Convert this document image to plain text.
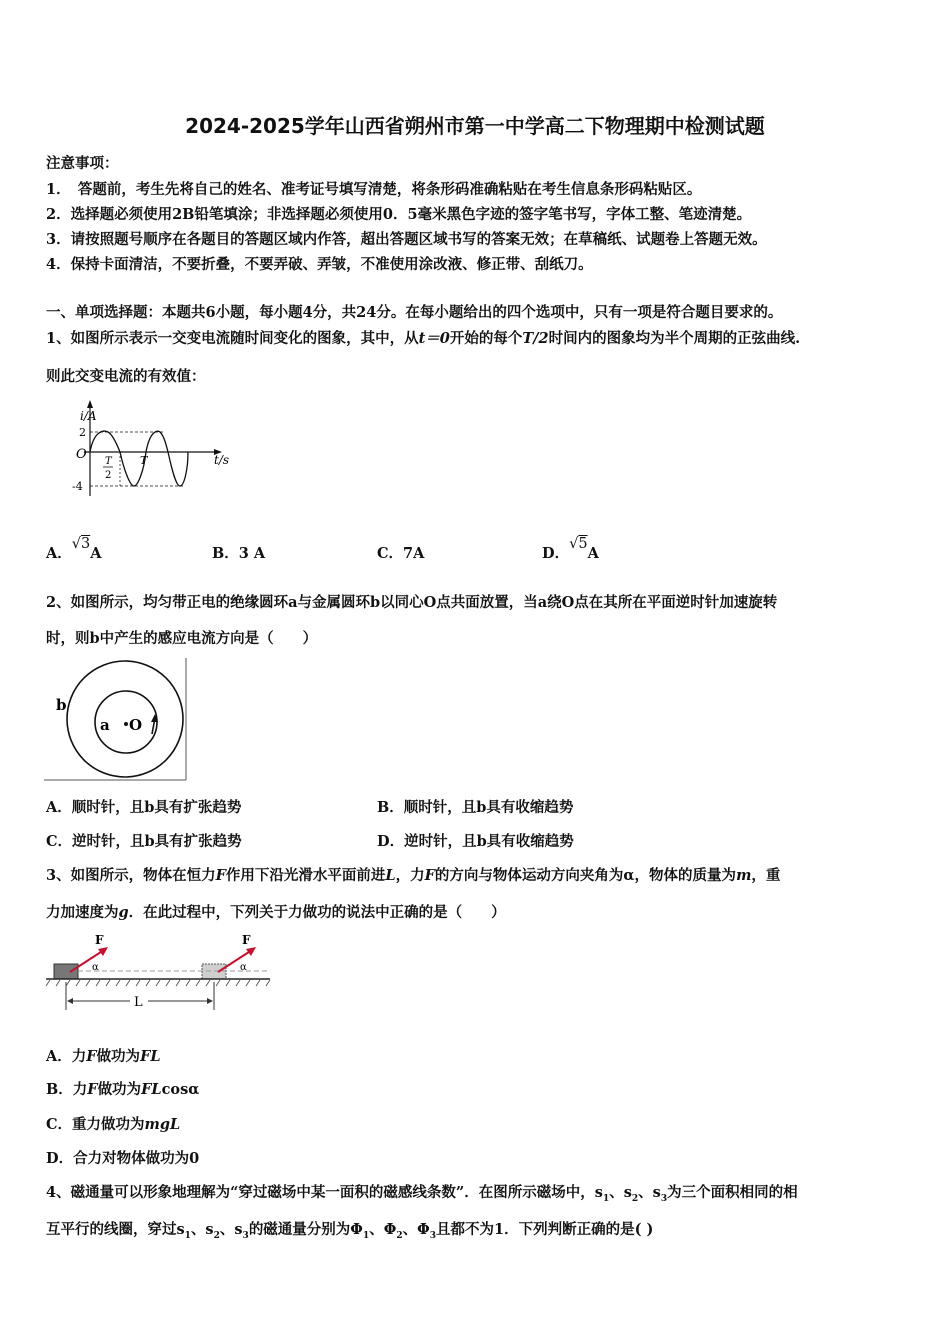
2024-2025学年山西省朔州市第一中学高二下物理期中检测试题
注意事项：
1．　答题前，考生先将自己的姓名、准考证号填写清楚，将条形码准确粘贴在考生信息条形码粘贴区。
2．选择题必须使用2B铅笔填涂；非选择题必须使用0．5毫米黑色字迹的签字笔书写，字体工整、笔迹清楚。
3．请按照题号顺序在各题目的答题区域内作答，超出答题区域书写的答案无效；在草稿纸、试题卷上答题无效。
4．保持卡面清洁，不要折叠，不要弄破、弄皱，不准使用涂改液、修正带、刮纸刀。
一、单项选择题：本题共6小题，每小题4分，共24分。在每小题给出的四个选项中，只有一项是符合题目要求的。
1、如图所示表示一交变电流随时间变化的图象，其中，从t＝0开始的每个T/2时间内的图象均为半个周期的正弦曲线.
则此交变电流的有效值：
i/A
t/s
O
2
-4
T
2
T
A．√3A	B．3 A	C．7A	D．√5A
2、如图所示，均匀带正电的绝缘圆环a与金属圆环b以同心O点共面放置，当a绕O点在其所在平面逆时针加速旋转
时，则b中产生的感应电流方向是（　　）
b
a O
A．顺时针，且b具有扩张趋势	B．顺时针，且b具有收缩趋势
C．逆时针，且b具有扩张趋势	D．逆时针，且b具有收缩趋势
3、如图所示，物体在恒力F作用下沿光滑水平面前进L，力F的方向与物体运动方向夹角为α，物体的质量为m，重
力加速度为g．在此过程中，下列关于力做功的说法中正确的是（　　）
F	F
α	α
L
A．力F做功为FL
B．力F做功为FLcosα
C．重力做功为mgL
D．合力对物体做功为0
4、磁通量可以形象地理解为“穿过磁场中某一面积的磁感线条数”．在图所示磁场中，$s_1$、$s_2$、$s_3$为三个面积相同的相
互平行的线圈，穿过$s_1$、$s_2$、$s_3$的磁通量分别为$\Phi_1$、$\Phi_2$、$\Phi_3$且都不为1．下列判断正确的是( )
